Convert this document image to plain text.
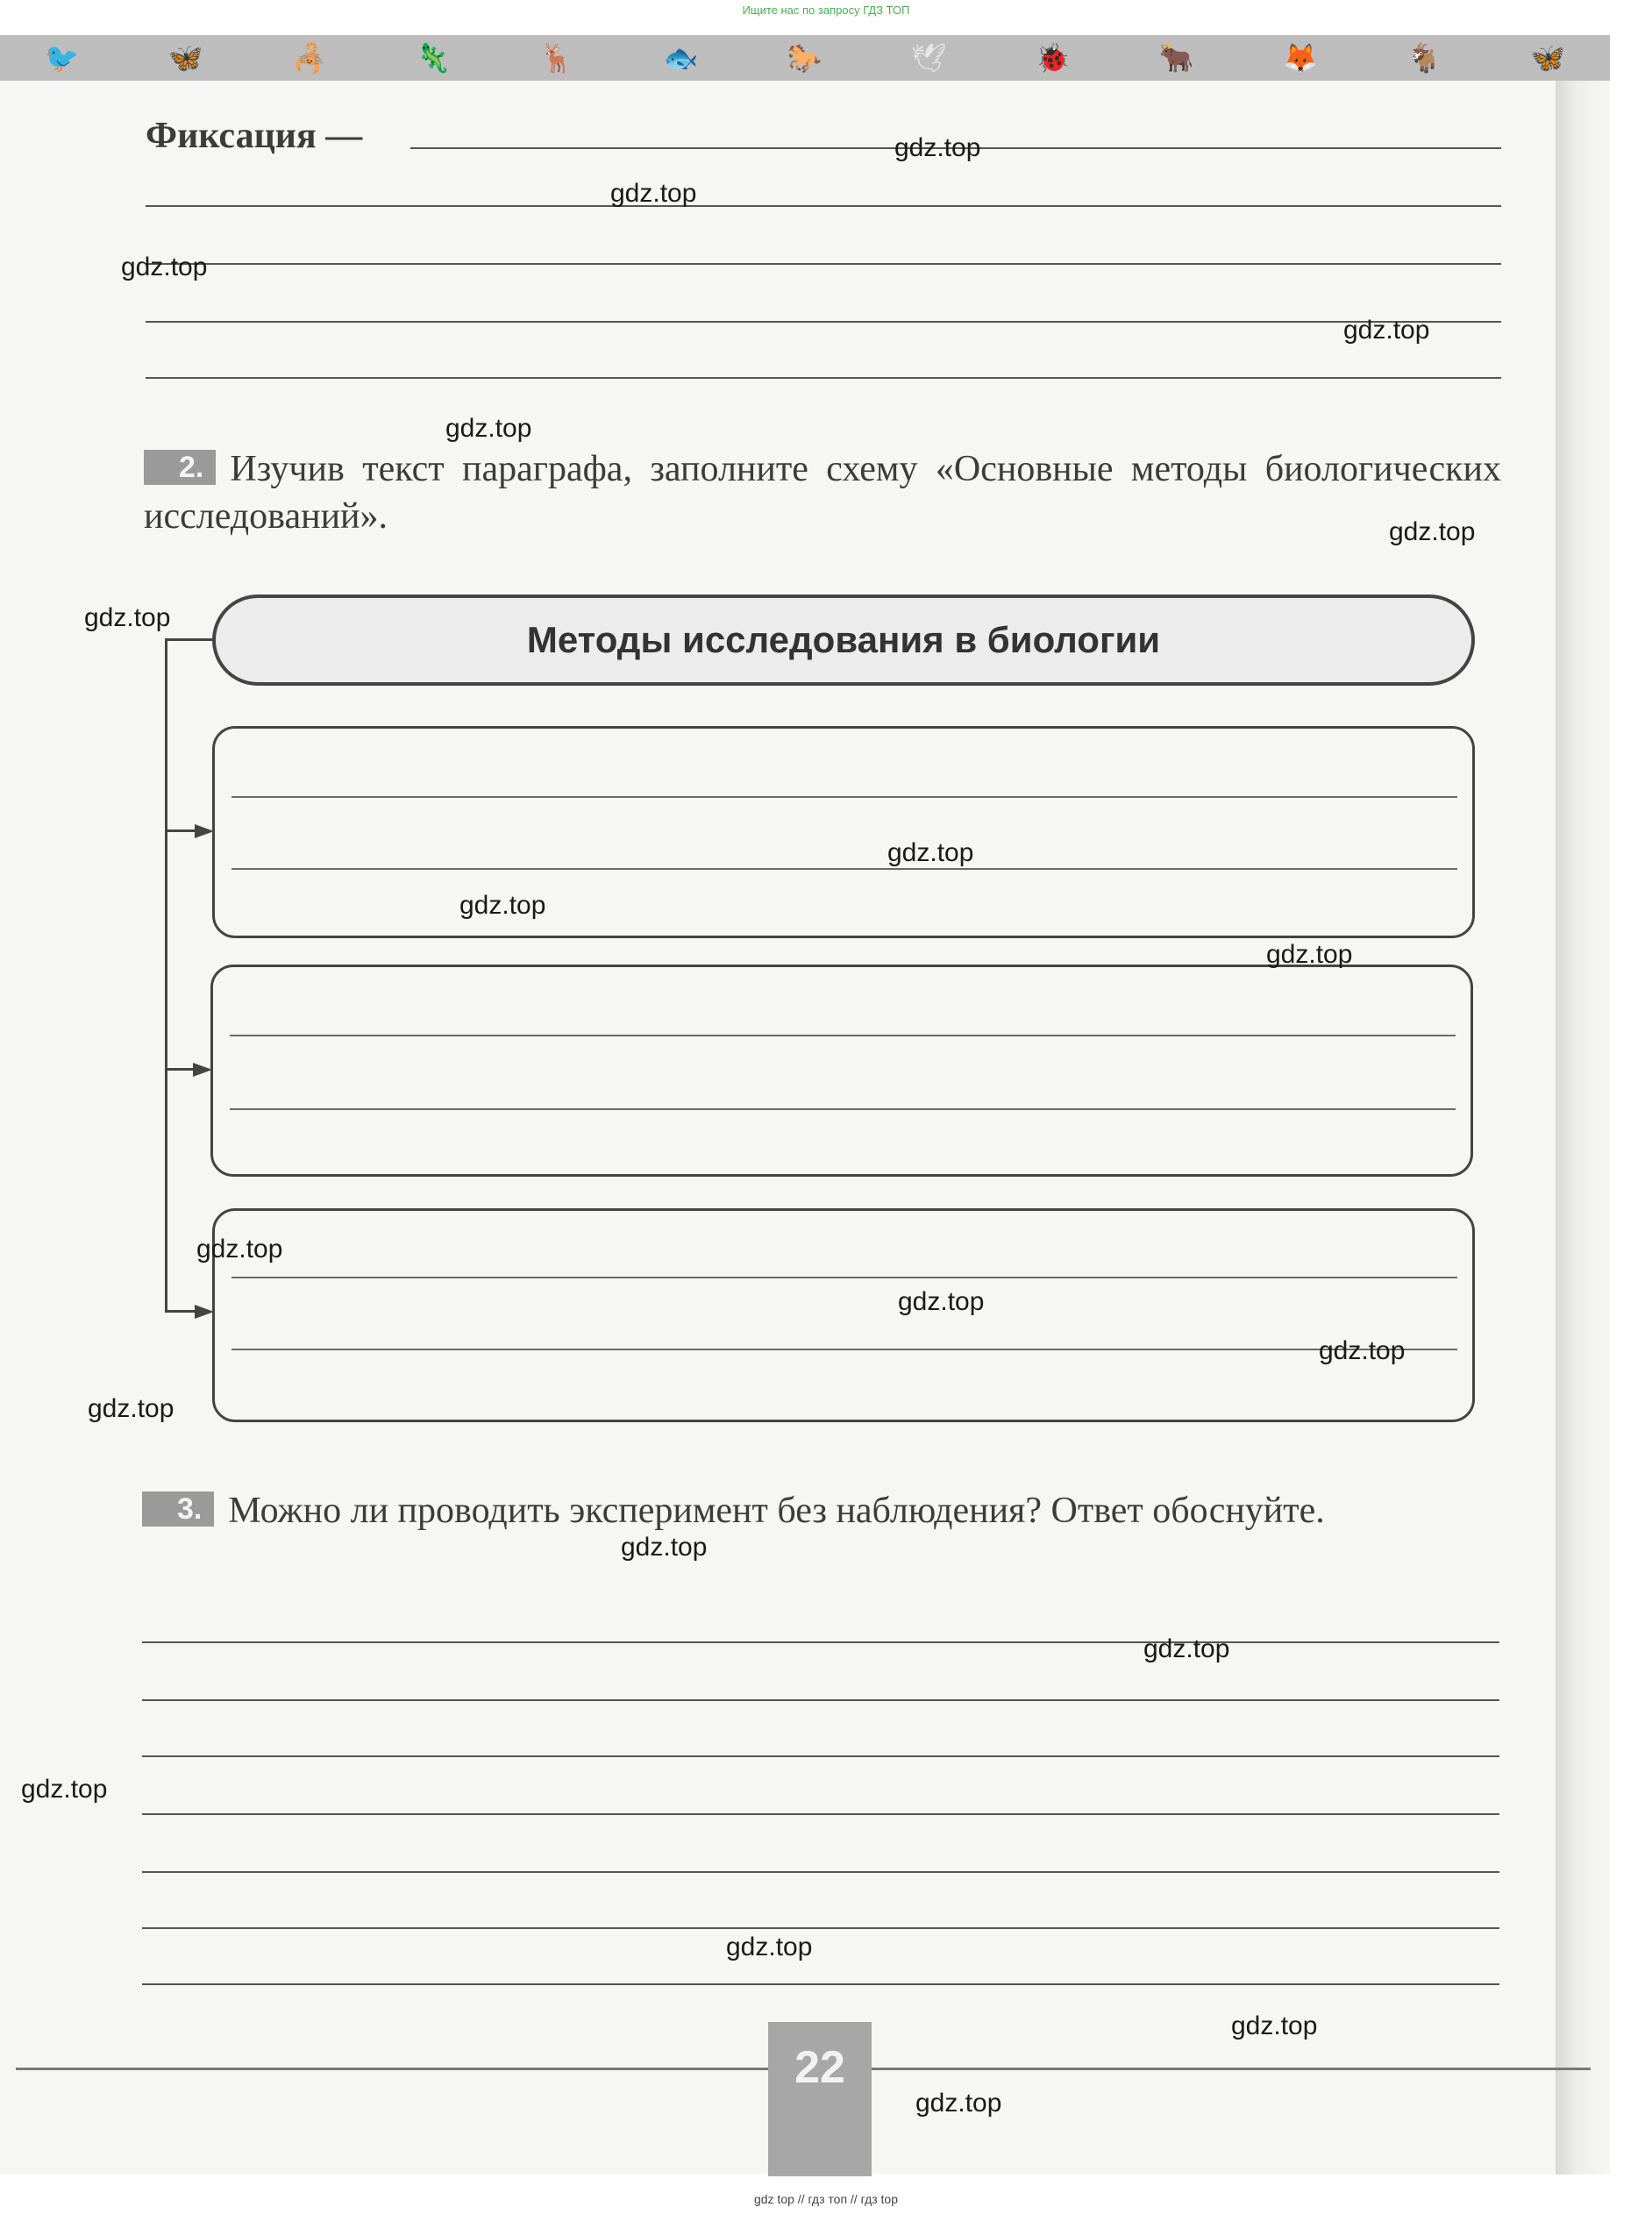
Ищите нас по запросу ГДЗ ТОП
🐦	🦋	🦂	🦎	🦌	🐟	🐎	🕊	🐞	🐂	🦊	🐐	🦋
Фиксация —
2. Изучив текст параграфа, заполните схему «Основные методы биологических исследований».
Методы исследования в биологии
3. Можно ли проводить эксперимент без наблюдения? Ответ обоснуйте.
22
gdz.top
gdz.top
gdz.top
gdz.top
gdz.top
gdz.top
gdz.top
gdz.top
gdz.top
gdz.top
gdz.top
gdz.top
gdz.top
gdz.top
gdz.top
gdz.top
gdz.top
gdz.top
gdz.top
gdz.top
gdz top // гдз топ // гдз top
